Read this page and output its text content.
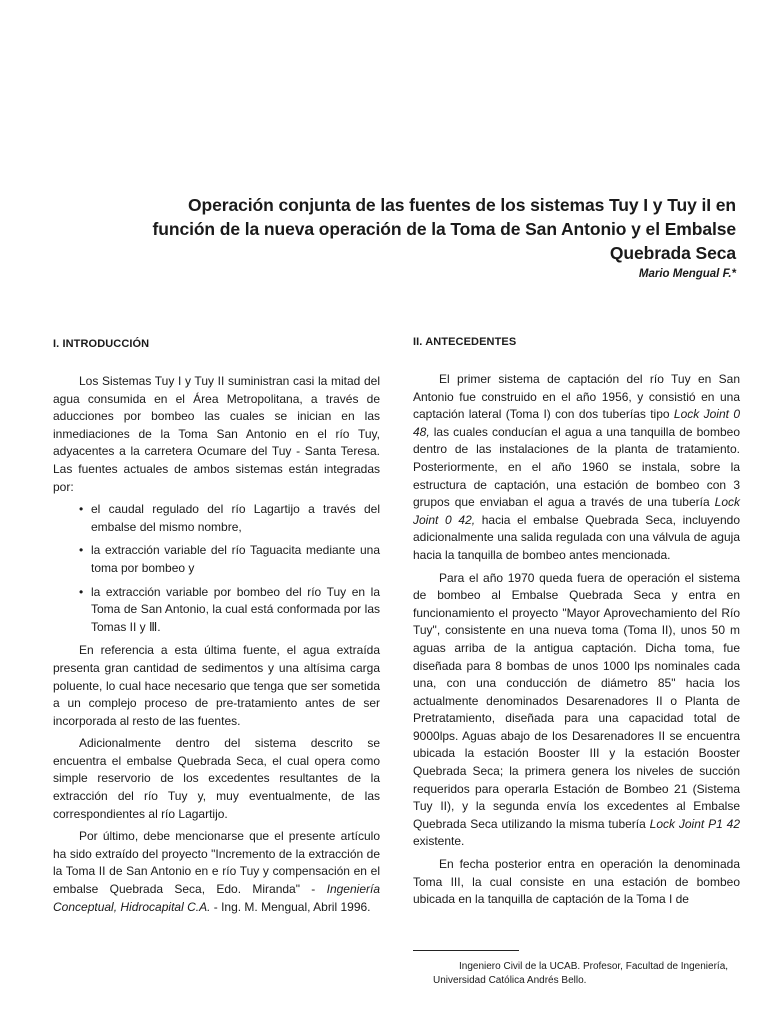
Operación conjunta de las fuentes de los sistemas Tuy I y Tuy iI en función de la nueva operación de la Toma de San Antonio y el Embalse Quebrada Seca
Mario Mengual F.*
I. INTRODUCCIÓN

Los Sistemas Tuy I y Tuy II suministran casi la mitad del agua consumida en el Área Metropolitana, a través de aducciones por bombeo las cuales se inician en las inmediaciones de la Toma San Antonio en el río Tuy, adyacentes a la carretera Ocumare del Tuy - Santa Teresa. Las fuentes actuales de ambos sistemas están integradas por:

• el caudal regulado del río Lagartijo a través del embalse del mismo nombre,
• la extracción variable del río Taguacita mediante una toma por bombeo y
• la extracción variable por bombeo del río Tuy en la Toma de San Antonio, la cual está conformada por las Tomas II y Ⅲ.

En referencia a esta última fuente, el agua extraída presenta gran cantidad de sedimentos y una altísima carga poluente, lo cual hace necesario que tenga que ser sometida a un complejo proceso de pre-tratamiento antes de ser incorporada al resto de las fuentes.

Adicionalmente dentro del sistema descrito se encuentra el embalse Quebrada Seca, el cual opera como simple reservorio de los excedentes resultantes de la extracción del río Tuy y, muy eventualmente, de las correspondientes al río Lagartijo.

Por último, debe mencionarse que el presente artículo ha sido extraído del proyecto "Incremento de la extracción de la Toma II de San Antonio en e río Tuy y compensación en el embalse Quebrada Seca, Edo. Miranda" - Ingeniería Conceptual, Hidrocapital C.A. - Ing. M. Mengual, Abril 1996.

II. ANTECEDENTES

El primer sistema de captación del río Tuy en San Antonio fue construido en el año 1956, y consistió en una captación lateral (Toma I) con dos tuberías tipo Lock Joint 0 48, las cuales conducían el agua a una tanquilla de bombeo dentro de las instalaciones de la planta de tratamiento. Posteriormente, en el año 1960 se instala, sobre la estructura de captación, una estación de bombeo con 3 grupos que enviaban el agua a través de una tubería Lock Joint 0 42, hacia el embalse Quebrada Seca, incluyendo adicionalmente una salida regulada con una válvula de aguja hacia la tanquilla de bombeo antes mencionada.

Para el año 1970 queda fuera de operación el sistema de bombeo al Embalse Quebrada Seca y entra en funcionamiento el proyecto "Mayor Aprovechamiento del Río Tuy", consistente en una nueva toma (Toma II), unos 50 m aguas arriba de la antigua captación. Dicha toma, fue diseñada para 8 bombas de unos 1000 lps nominales cada una, con una conducción de diámetro 85" hacia los actualmente denominados Desarenadores II o Planta de Pretratamiento, diseñada para una capacidad total de 9000lps. Aguas abajo de los Desarenadores II se encuentra ubicada la estación Booster III y la estación Booster Quebrada Seca; la primera genera los niveles de succión requeridos para operarla Estación de Bombeo 21 (Sistema Tuy II), y la segunda envía los excedentes al Embalse Quebrada Seca utilizando la misma tubería Lock Joint P1 42 existente.

En fecha posterior entra en operación la denominada Toma III, la cual consiste en una estación de bombeo ubicada en la tanquilla de captación de la Toma I de

Ingeniero Civil de la UCAB. Profesor, Facultad de Ingeniería, Universidad Católica Andrés Bello.
